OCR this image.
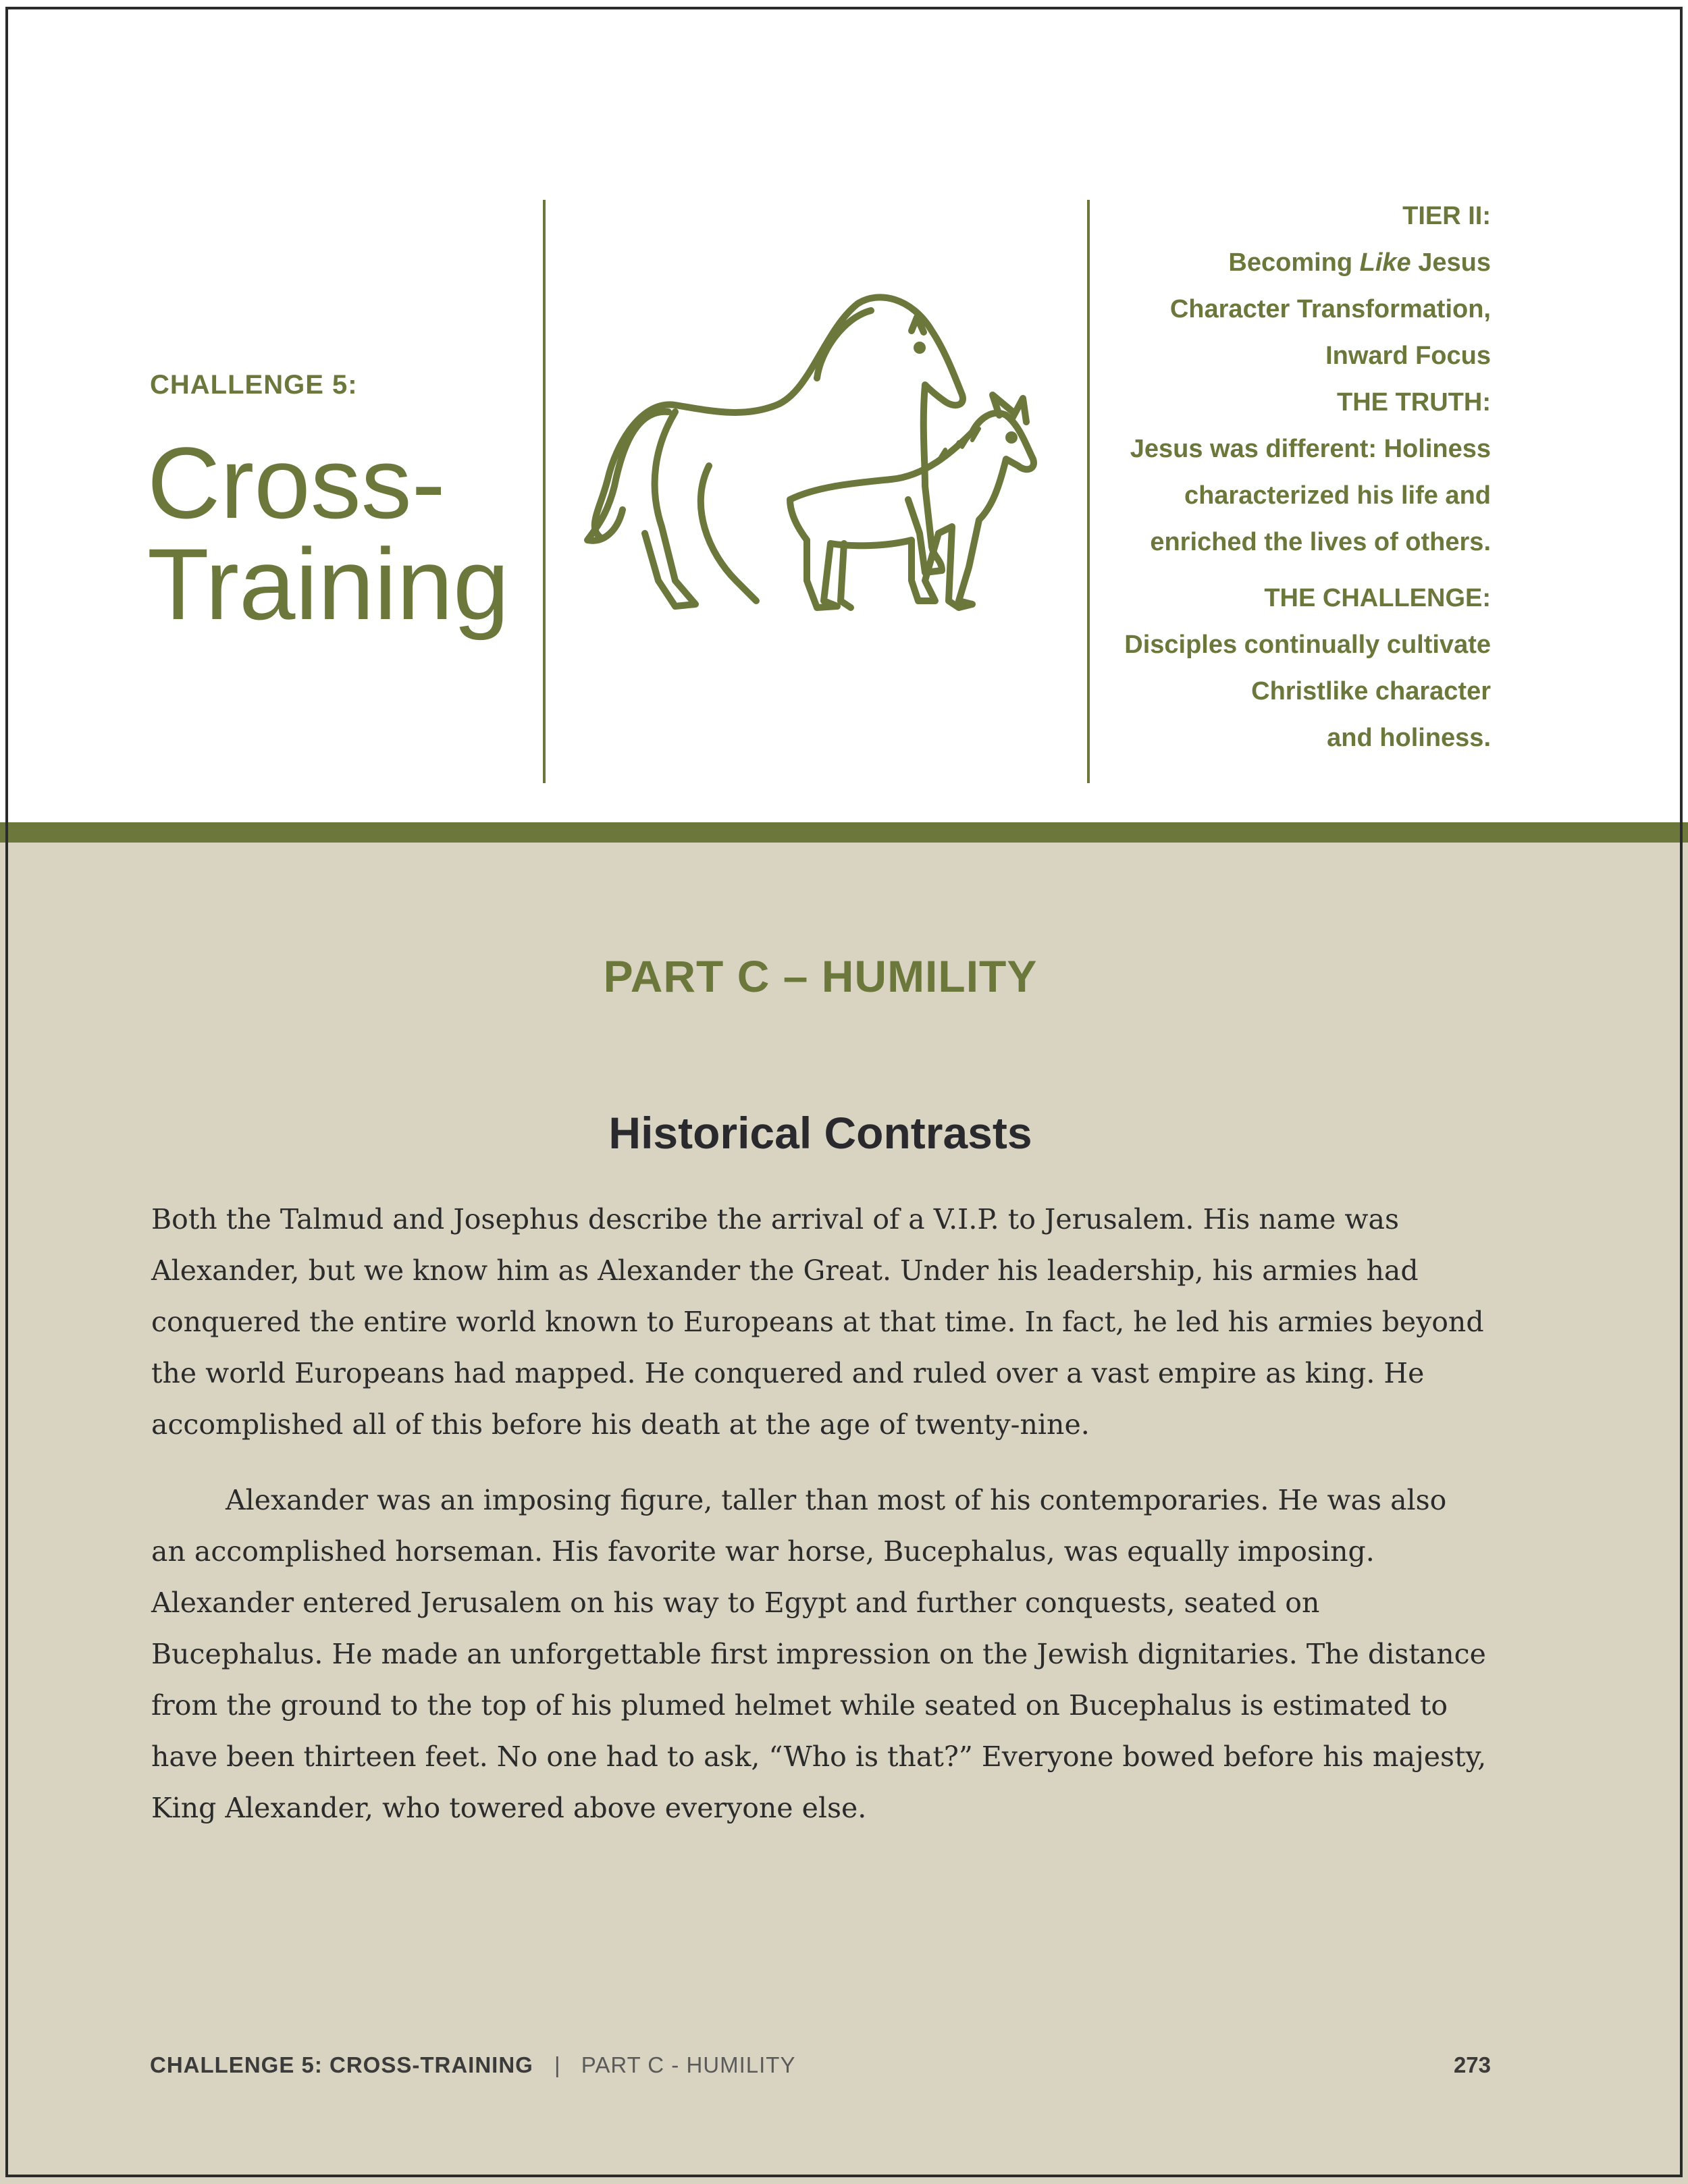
CHALLENGE 5:
Cross-
Training
TIER II:
Becoming Like Jesus
Character Transformation,
Inward Focus
THE TRUTH:
Jesus was different: Holiness
characterized his life and
enriched the lives of others.
THE CHALLENGE:
Disciples continually cultivate
Christlike character
and holiness.
PART C – HUMILITY
Historical Contrasts

Both the Talmud and Josephus describe the arrival of a V.I.P. to Jerusalem. His name was Alexander, but we know him as Alexander the Great. Under his leadership, his armies had conquered the entire world known to Europeans at that time. In fact, he led his armies beyond the world Europeans had mapped. He conquered and ruled over a vast empire as king. He accomplished all of this before his death at the age of twenty-nine.

Alexander was an imposing figure, taller than most of his contemporaries. He was also an accomplished horseman. His favorite war horse, Bucephalus, was equally imposing. Alexander entered Jerusalem on his way to Egypt and further conquests, seated on Bucephalus. He made an unforgettable first impression on the Jewish dignitaries. The distance from the ground to the top of his plumed helmet while seated on Bucephalus is estimated to have been thirteen feet. No one had to ask, “Who is that?” Everyone bowed before his majesty, King Alexander, who towered above everyone else.

CHALLENGE 5: CROSS-TRAINING | PART C - HUMILITY	273
